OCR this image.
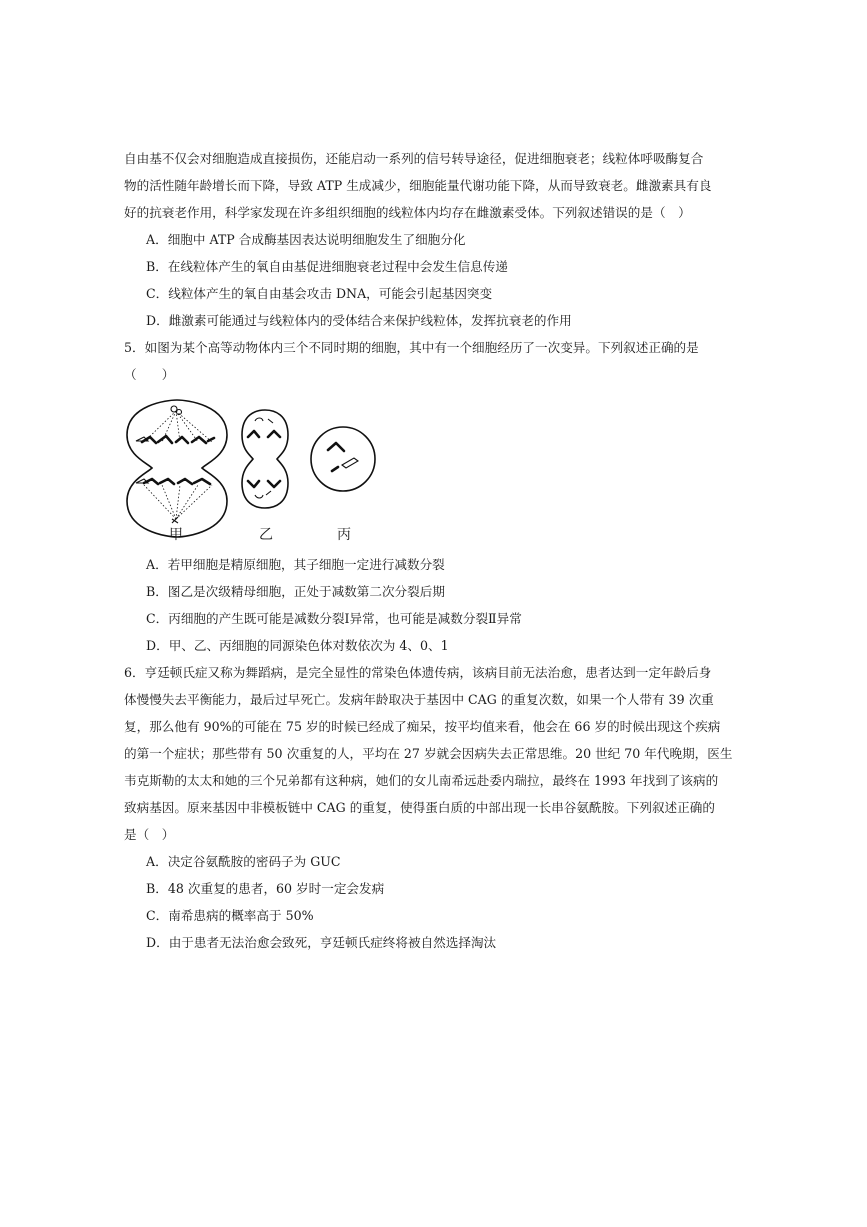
自由基不仅会对细胞造成直接损伤，还能启动一系列的信号转导途径，促进细胞衰老；线粒体呼吸酶复合
物的活性随年龄增长而下降，导致 ATP 生成减少，细胞能量代谢功能下降，从而导致衰老。雌激素具有良
好的抗衰老作用，科学家发现在许多组织细胞的线粒体内均存在雌激素受体。下列叙述错误的是（　）
A．细胞中 ATP 合成酶基因表达说明细胞发生了细胞分化
B．在线粒体产生的氧自由基促进细胞衰老过程中会发生信息传递
C．线粒体产生的氧自由基会攻击 DNA，可能会引起基因突变
D．雌激素可能通过与线粒体内的受体结合来保护线粒体，发挥抗衰老的作用
5．如图为某个高等动物体内三个不同时期的细胞，其中有一个细胞经历了一次变异。下列叙述正确的是
（　　）
甲	乙	丙
A．若甲细胞是精原细胞，其子细胞一定进行减数分裂
B．图乙是次级精母细胞，正处于减数第二次分裂后期
C．丙细胞的产生既可能是减数分裂Ⅰ异常，也可能是减数分裂Ⅱ异常
D．甲、乙、丙细胞的同源染色体对数依次为 4、0、1
6．亨廷顿氏症又称为舞蹈病，是完全显性的常染色体遗传病，该病目前无法治愈，患者达到一定年龄后身
体慢慢失去平衡能力，最后过早死亡。发病年龄取决于基因中 CAG 的重复次数，如果一个人带有 39 次重
复，那么他有 90%的可能在 75 岁的时候已经成了痴呆，按平均值来看，他会在 66 岁的时候出现这个疾病
的第一个症状；那些带有 50 次重复的人，平均在 27 岁就会因病失去正常思维。20 世纪 70 年代晚期，医生
韦克斯勒的太太和她的三个兄弟都有这种病，她们的女儿南希远赴委内瑞拉，最终在 1993 年找到了该病的
致病基因。原来基因中非模板链中 CAG 的重复，使得蛋白质的中部出现一长串谷氨酰胺。下列叙述正确的
是（　）
A．决定谷氨酰胺的密码子为 GUC
B．48 次重复的患者，60 岁时一定会发病
C．南希患病的概率高于 50%
D．由于患者无法治愈会致死，亨廷顿氏症终将被自然选择淘汰
